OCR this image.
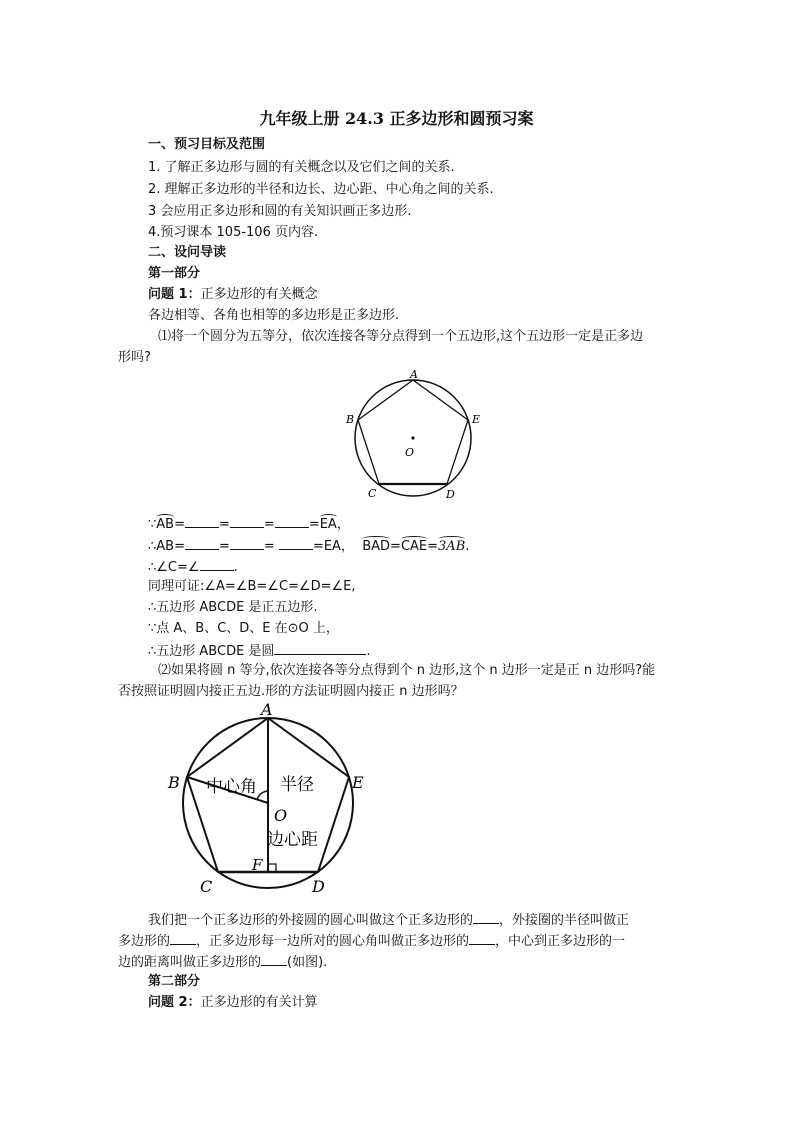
九年级上册 24.3 正多边形和圆预习案
一、预习目标及范围
1. 了解正多边形与圆的有关概念以及它们之间的关系.
2. 理解正多边形的半径和边长、边心距、中心角之间的关系.
3 会应用正多边形和圆的有关知识画正多边形.
4.预习课本 105-106 页内容.
二、设问导读
第一部分
问题 1：正多边形的有关概念
各边相等、各角也相等的多边形是正多边形.
⑴将一个圆分为五等分，依次连接各等分点得到一个五边形,这个五边形一定是正多边
形吗?
A
B
C	D
E
O
∵AB=	=	=	=EA，
∴AB=	=	=	=EA， BAD=CAE=3AB.
∴∠C=∠	.
同理可证:∠A=∠B=∠C=∠D=∠E,
∴五边形 ABCDE 是正五边形.
∵点 A、B、C、D、E 在⊙O 上，
∴五边形 ABCDE 是圆	.
⑵如果将圆 n 等分,依次连接各等分点得到个 n 边形,这个 n 边形一定是正 n 边形吗?能
否按照证明圆内接正五边.形的方法证明圆内接正 n 边形吗？
A
B
C	D
E
O
F
中心角 半径
边心距
我们把一个正多边形的外接圆的圆心叫做这个正多边形的 ，外接圈的半径叫做正
多边形的 ，正多边形每一边所对的圆心角叫做正多边形的 ，中心到正多边形的一
边的距离叫做正多边形的 (如图).
第二部分
问题 2：正多边形的有关计算
